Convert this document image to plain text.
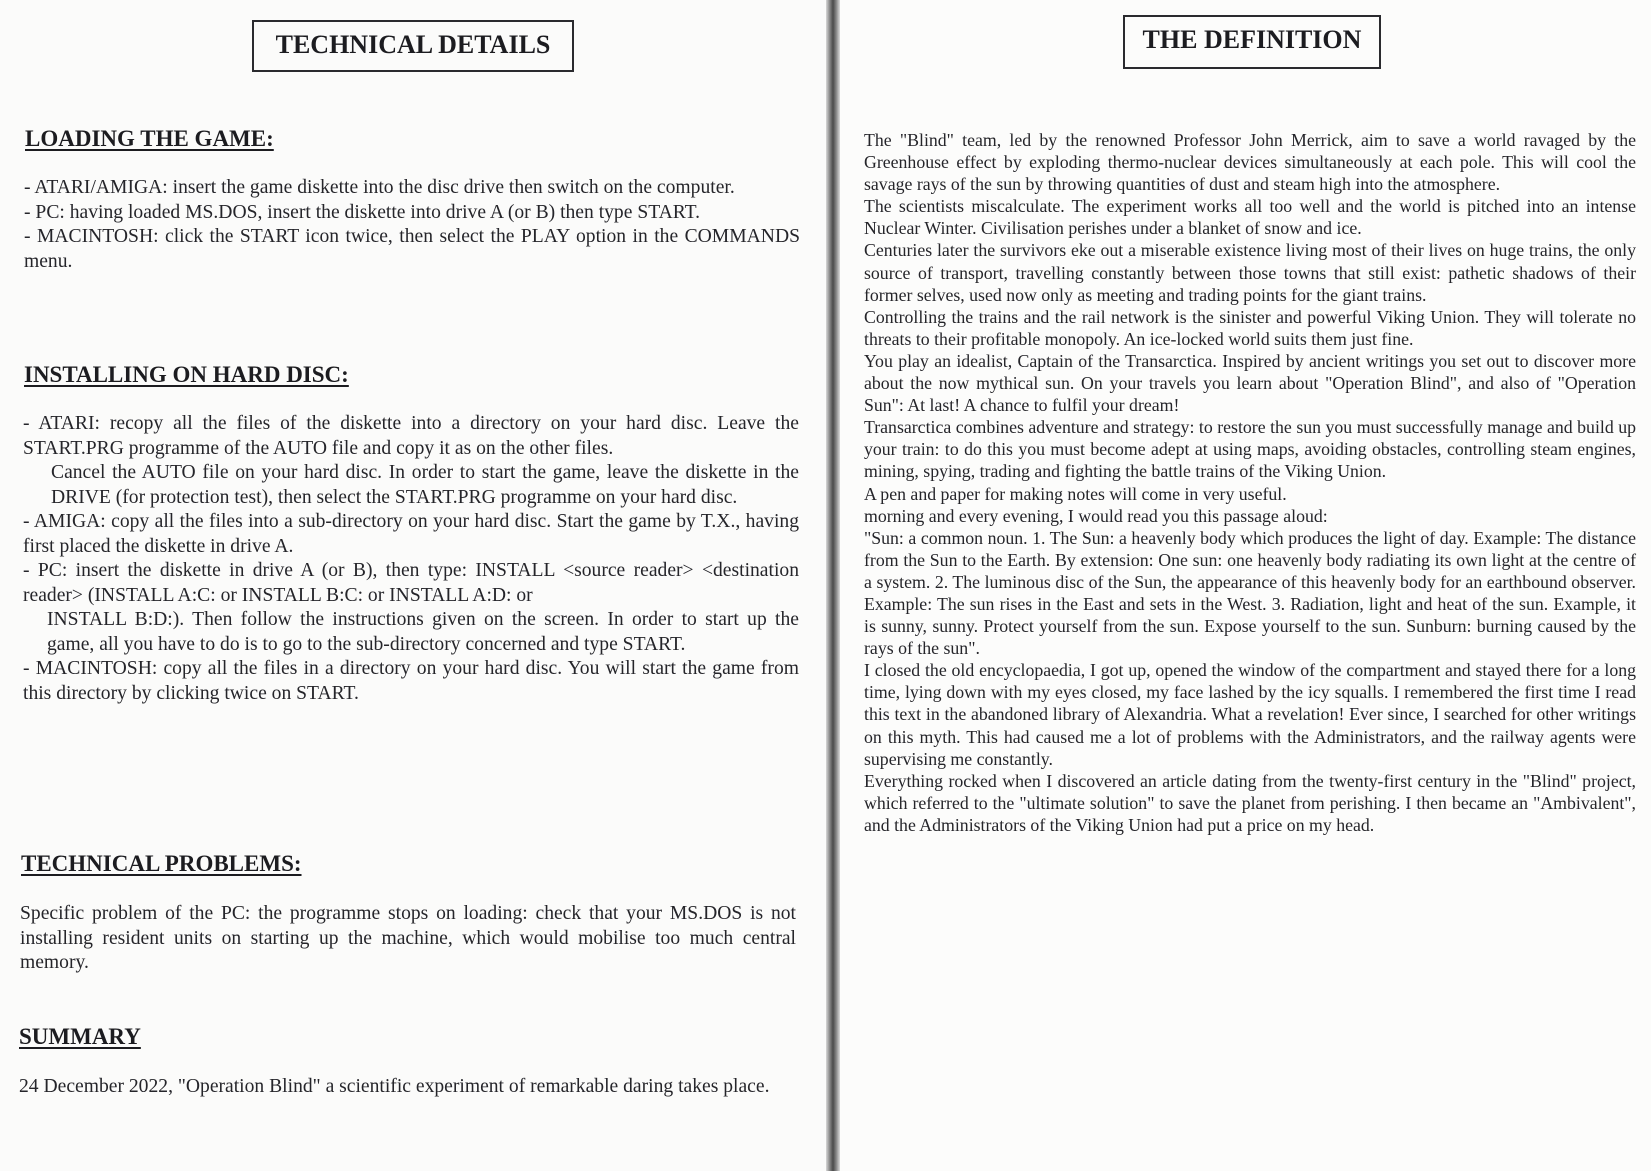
TECHNICAL DETAILS
LOADING THE GAME:

- ATARI/AMIGA: insert the game diskette into the disc drive then switch on the computer.

- PC: having loaded MS.DOS, insert the diskette into drive A (or B) then type START.

- MACINTOSH: click the START icon twice, then select the PLAY option in the COMMANDS menu.

INSTALLING ON HARD DISC:

- ATARI: recopy all the files of the diskette into a directory on your hard disc. Leave the START.PRG programme of the AUTO file and copy it as on the other files.

Cancel the AUTO file on your hard disc. In order to start the game, leave the diskette in the DRIVE (for protection test), then select the START.PRG programme on your hard disc.

- AMIGA: copy all the files into a sub-directory on your hard disc. Start the game by T.X., having first placed the diskette in drive A.

- PC: insert the diskette in drive A (or B), then type: INSTALL <source reader> <destination reader> (INSTALL A:C: or INSTALL B:C: or INSTALL A:D: or

INSTALL B:D:). Then follow the instructions given on the screen. In order to start up the game, all you have to do is to go to the sub-directory concerned and type START.

- MACINTOSH: copy all the files in a directory on your hard disc. You will start the game from this directory by clicking twice on START.

TECHNICAL PROBLEMS:

Specific problem of the PC: the programme stops on loading: check that your MS.DOS is not installing resident units on starting up the machine, which would mobilise too much central memory.

SUMMARY

24 December 2022, "Operation Blind" a scientific experiment of remarkable daring takes place.

THE DEFINITION

The "Blind" team, led by the renowned Professor John Merrick, aim to save a world ravaged by the Greenhouse effect by exploding thermo-nuclear devices simultaneously at each pole. This will cool the savage rays of the sun by throwing quantities of dust and steam high into the atmosphere.

The scientists miscalculate. The experiment works all too well and the world is pitched into an intense Nuclear Winter. Civilisation perishes under a blanket of snow and ice.

Centuries later the survivors eke out a miserable existence living most of their lives on huge trains, the only source of transport, travelling constantly between those towns that still exist: pathetic shadows of their former selves, used now only as meeting and trading points for the giant trains.

Controlling the trains and the rail network is the sinister and powerful Viking Union. They will tolerate no threats to their profitable monopoly. An ice-locked world suits them just fine.

You play an idealist, Captain of the Transarctica. Inspired by ancient writings you set out to discover more about the now mythical sun. On your travels you learn about "Operation Blind", and also of "Operation Sun": At last! A chance to fulfil your dream!

Transarctica combines adventure and strategy: to restore the sun you must successfully manage and build up your train: to do this you must become adept at using maps, avoiding obstacles, controlling steam engines, mining, spying, trading and fighting the battle trains of the Viking Union.

A pen and paper for making notes will come in very useful.

morning and every evening, I would read you this passage aloud:

"Sun: a common noun. 1. The Sun: a heavenly body which produces the light of day. Example: The distance from the Sun to the Earth. By extension: One sun: one heavenly body radiating its own light at the centre of a system. 2. The luminous disc of the Sun, the appearance of this heavenly body for an earthbound observer. Example: The sun rises in the East and sets in the West. 3. Radiation, light and heat of the sun. Example, it is sunny, sunny. Protect yourself from the sun. Expose yourself to the sun. Sunburn: burning caused by the rays of the sun".

I closed the old encyclopaedia, I got up, opened the window of the compartment and stayed there for a long time, lying down with my eyes closed, my face lashed by the icy squalls. I remembered the first time I read this text in the abandoned library of Alexandria. What a revelation! Ever since, I searched for other writings on this myth. This had caused me a lot of problems with the Administrators, and the railway agents were supervising me constantly.

Everything rocked when I discovered an article dating from the twenty-first century in the "Blind" project, which referred to the "ultimate solution" to save the planet from perishing. I then became an "Ambivalent", and the Administrators of the Viking Union had put a price on my head.
